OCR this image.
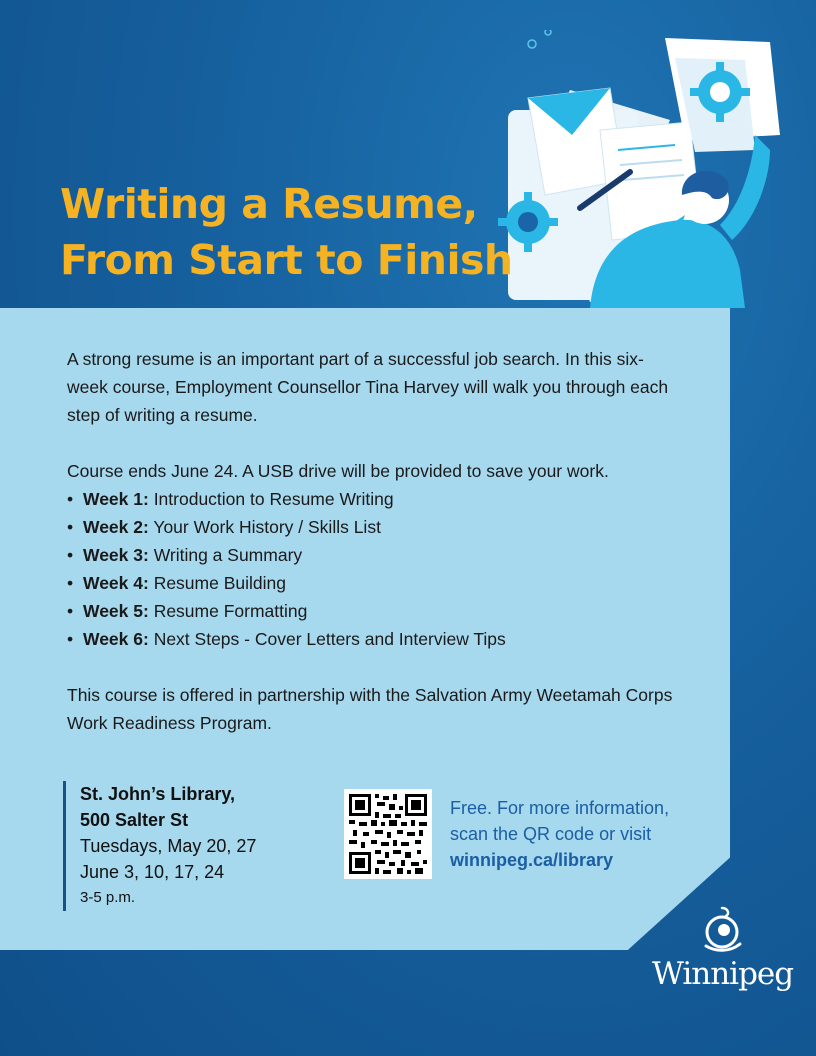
Writing a Resume,
From Start to Finish

A strong resume is an important part of a successful job search. In this six-week course, Employment Counsellor Tina Harvey will walk you through each step of writing a resume.

Course ends June 24. A USB drive will be provided to save your work.

• Week 1: Introduction to Resume Writing
• Week 2: Your Work History / Skills List
• Week 3: Writing a Summary
• Week 4: Resume Building
• Week 5: Resume Formatting
• Week 6: Next Steps - Cover Letters and Interview Tips

This course is offered in partnership with the Salvation Army Weetamah Corps Work Readiness Program.

St. John’s Library,
500 Salter St
Tuesdays, May 20, 27
June 3, 10, 17, 24
3-5 p.m.
Free. For more information,
scan the QR code or visit
winnipeg.ca/library
Winnipeg
